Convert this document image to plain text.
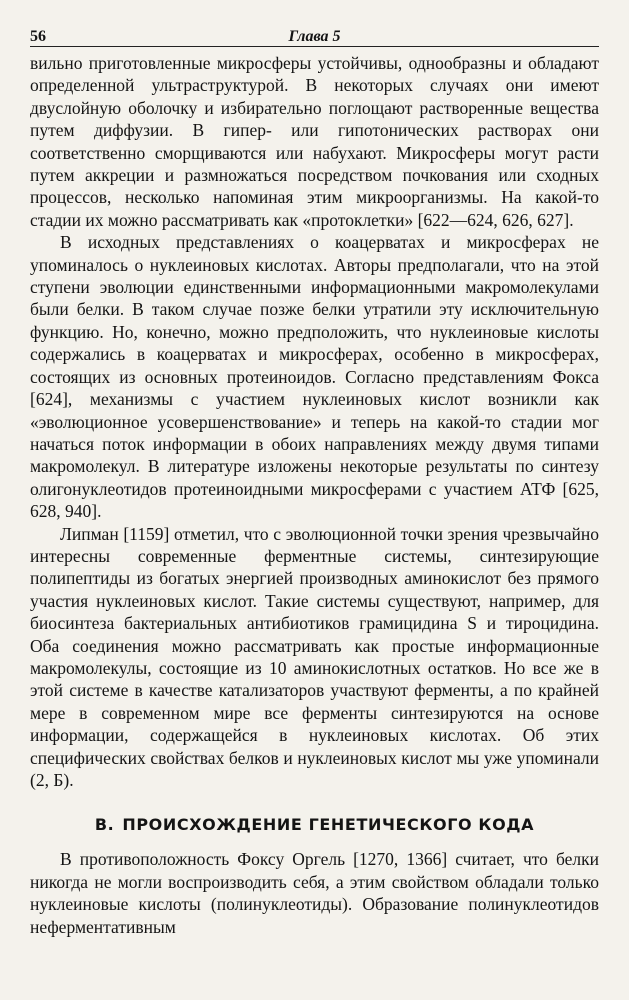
56	Глава 5

вильно приготовленные микросферы устойчивы, однообразны и обладают определенной ультраструктурой. В некоторых случаях они имеют двуслойную оболочку и избирательно поглощают растворенные вещества путем диффузии. В гипер- или гипотонических растворах они соответственно сморщиваются или набухают. Микросферы могут расти путем аккреции и размножаться посредством почкования или сходных процессов, несколько напоминая этим микроорганизмы. На какой-то стадии их можно рассматривать как «протоклетки» [622—624, 626, 627].

В исходных представлениях о коацерватах и микросферах не упоминалось о нуклеиновых кислотах. Авторы предполагали, что на этой ступени эволюции единственными информационными макромолекулами были белки. В таком случае позже белки утратили эту исключительную функцию. Но, конечно, можно предположить, что нуклеиновые кислоты содержались в коацерватах и микросферах, особенно в микросферах, состоящих из основных протеиноидов. Согласно представлениям Фокса [624], механизмы с участием нуклеиновых кислот возникли как «эволюционное усовершенствование» и теперь на какой-то стадии мог начаться поток информации в обоих направлениях между двумя типами макромолекул. В литературе изложены некоторые результаты по синтезу олигонуклеотидов протеиноидными микросферами с участием АТФ [625, 628, 940].

Липман [1159] отметил, что с эволюционной точки зрения чрезвычайно интересны современные ферментные системы, синтезирующие полипептиды из богатых энергией производных аминокислот без прямого участия нуклеиновых кислот. Такие системы существуют, например, для биосинтеза бактериальных антибиотиков грамицидина S и тироцидина. Оба соединения можно рассматривать как простые информационные макромолекулы, состоящие из 10 аминокислотных остатков. Но все же в этой системе в качестве катализаторов участвуют ферменты, а по крайней мере в современном мире все ферменты синтезируются на основе информации, содержащейся в нуклеиновых кислотах. Об этих специфических свойствах белков и нуклеиновых кислот мы уже упоминали (2, Б).

В. ПРОИСХОЖДЕНИЕ ГЕНЕТИЧЕСКОГО КОДА

В противоположность Фоксу Оргель [1270, 1366] считает, что белки никогда не могли воспроизводить себя, а этим свойством обладали только нуклеиновые кислоты (полинуклеотиды). Образование полинуклеотидов неферментативным
